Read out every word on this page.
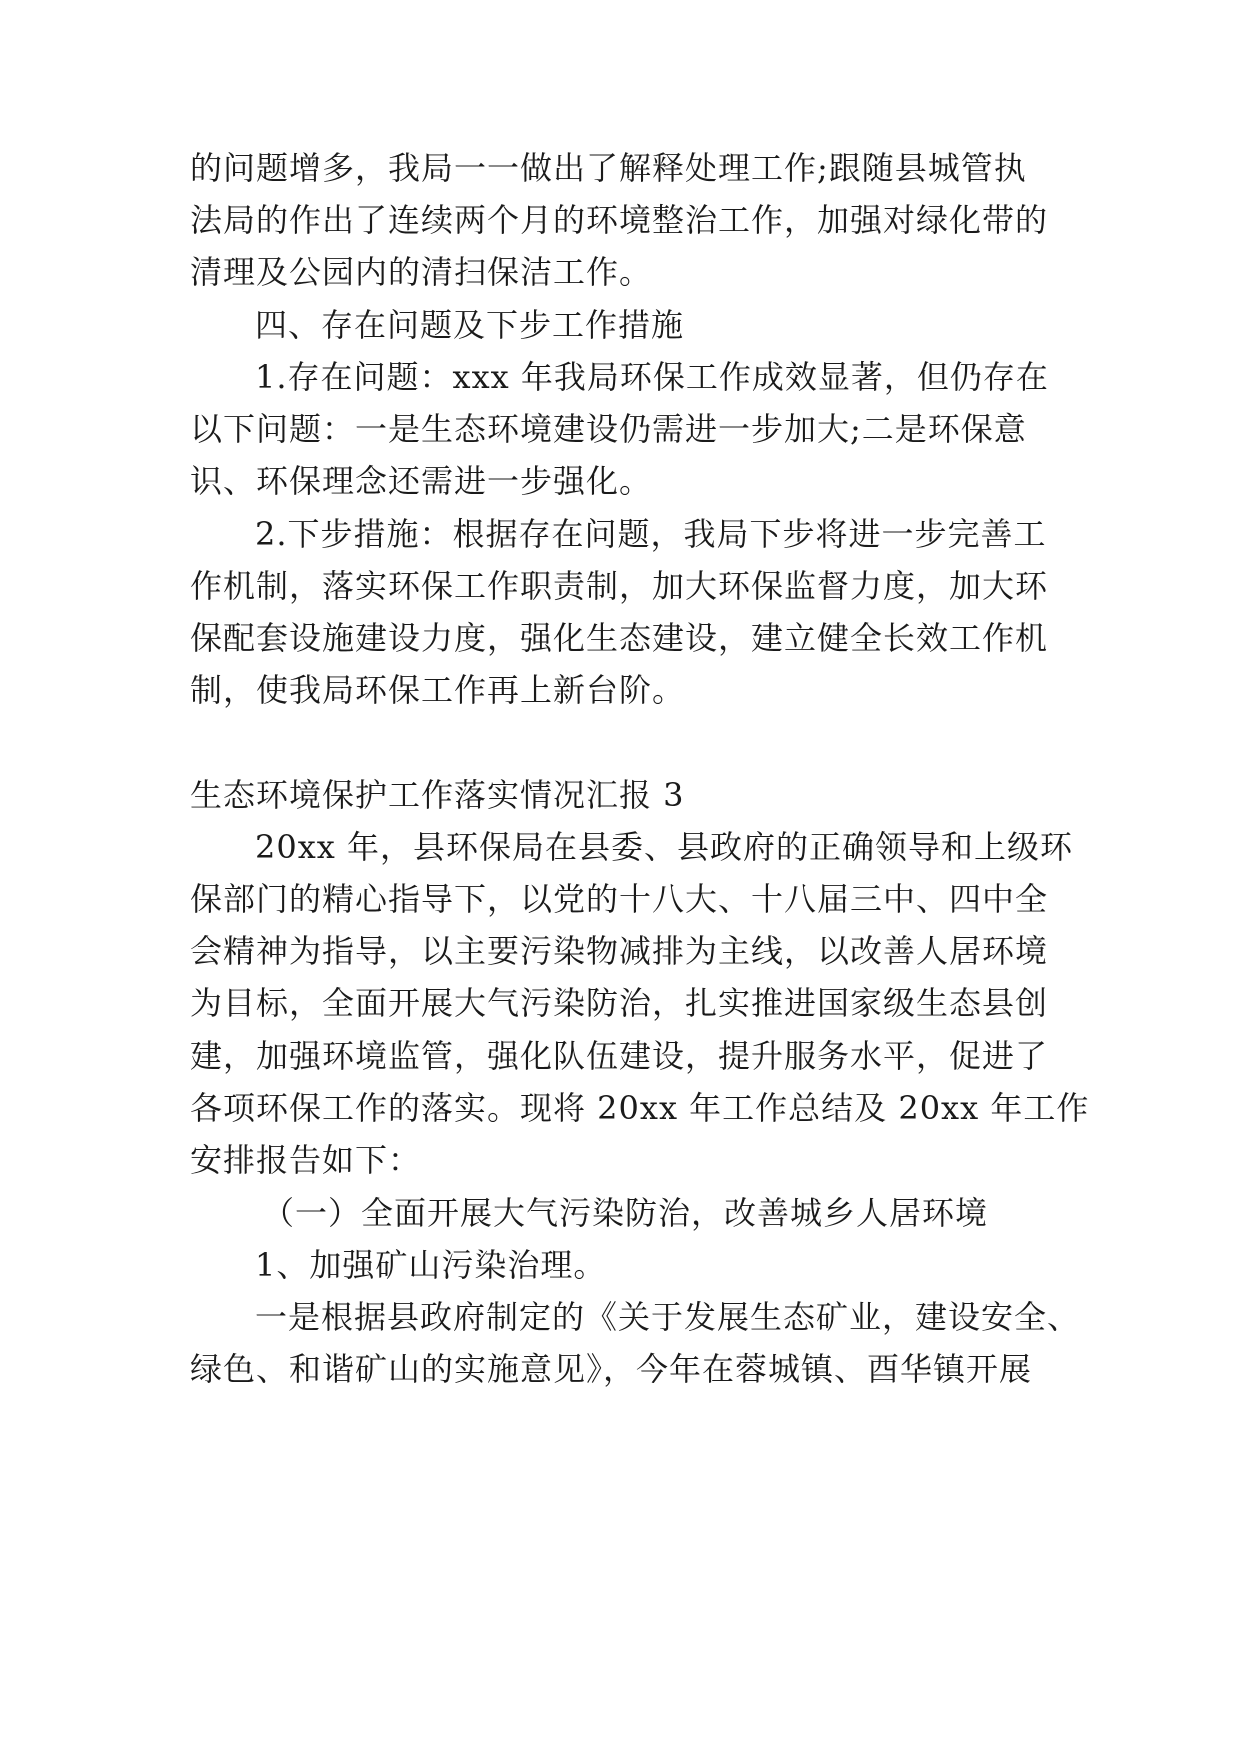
的问题增多，我局一一做出了解释处理工作;跟随县城管执
法局的作出了连续两个月的环境整治工作，加强对绿化带的
清理及公园内的清扫保洁工作。
四、存在问题及下步工作措施
1.存在问题：xxx 年我局环保工作成效显著，但仍存在
以下问题：一是生态环境建设仍需进一步加大;二是环保意
识、环保理念还需进一步强化。
2.下步措施：根据存在问题，我局下步将进一步完善工
作机制，落实环保工作职责制，加大环保监督力度，加大环
保配套设施建设力度，强化生态建设，建立健全长效工作机
制，使我局环保工作再上新台阶。
生态环境保护工作落实情况汇报 3
20xx 年，县环保局在县委、县政府的正确领导和上级环
保部门的精心指导下，以党的十八大、十八届三中、四中全
会精神为指导，以主要污染物减排为主线，以改善人居环境
为目标，全面开展大气污染防治，扎实推进国家级生态县创
建，加强环境监管，强化队伍建设，提升服务水平，促进了
各项环保工作的落实。现将 20xx 年工作总结及 20xx 年工作
安排报告如下：
（一）全面开展大气污染防治，改善城乡人居环境
1、加强矿山污染治理。
一是根据县政府制定的《关于发展生态矿业，建设安全、
绿色、和谐矿山的实施意见》，今年在蓉城镇、酉华镇开展
